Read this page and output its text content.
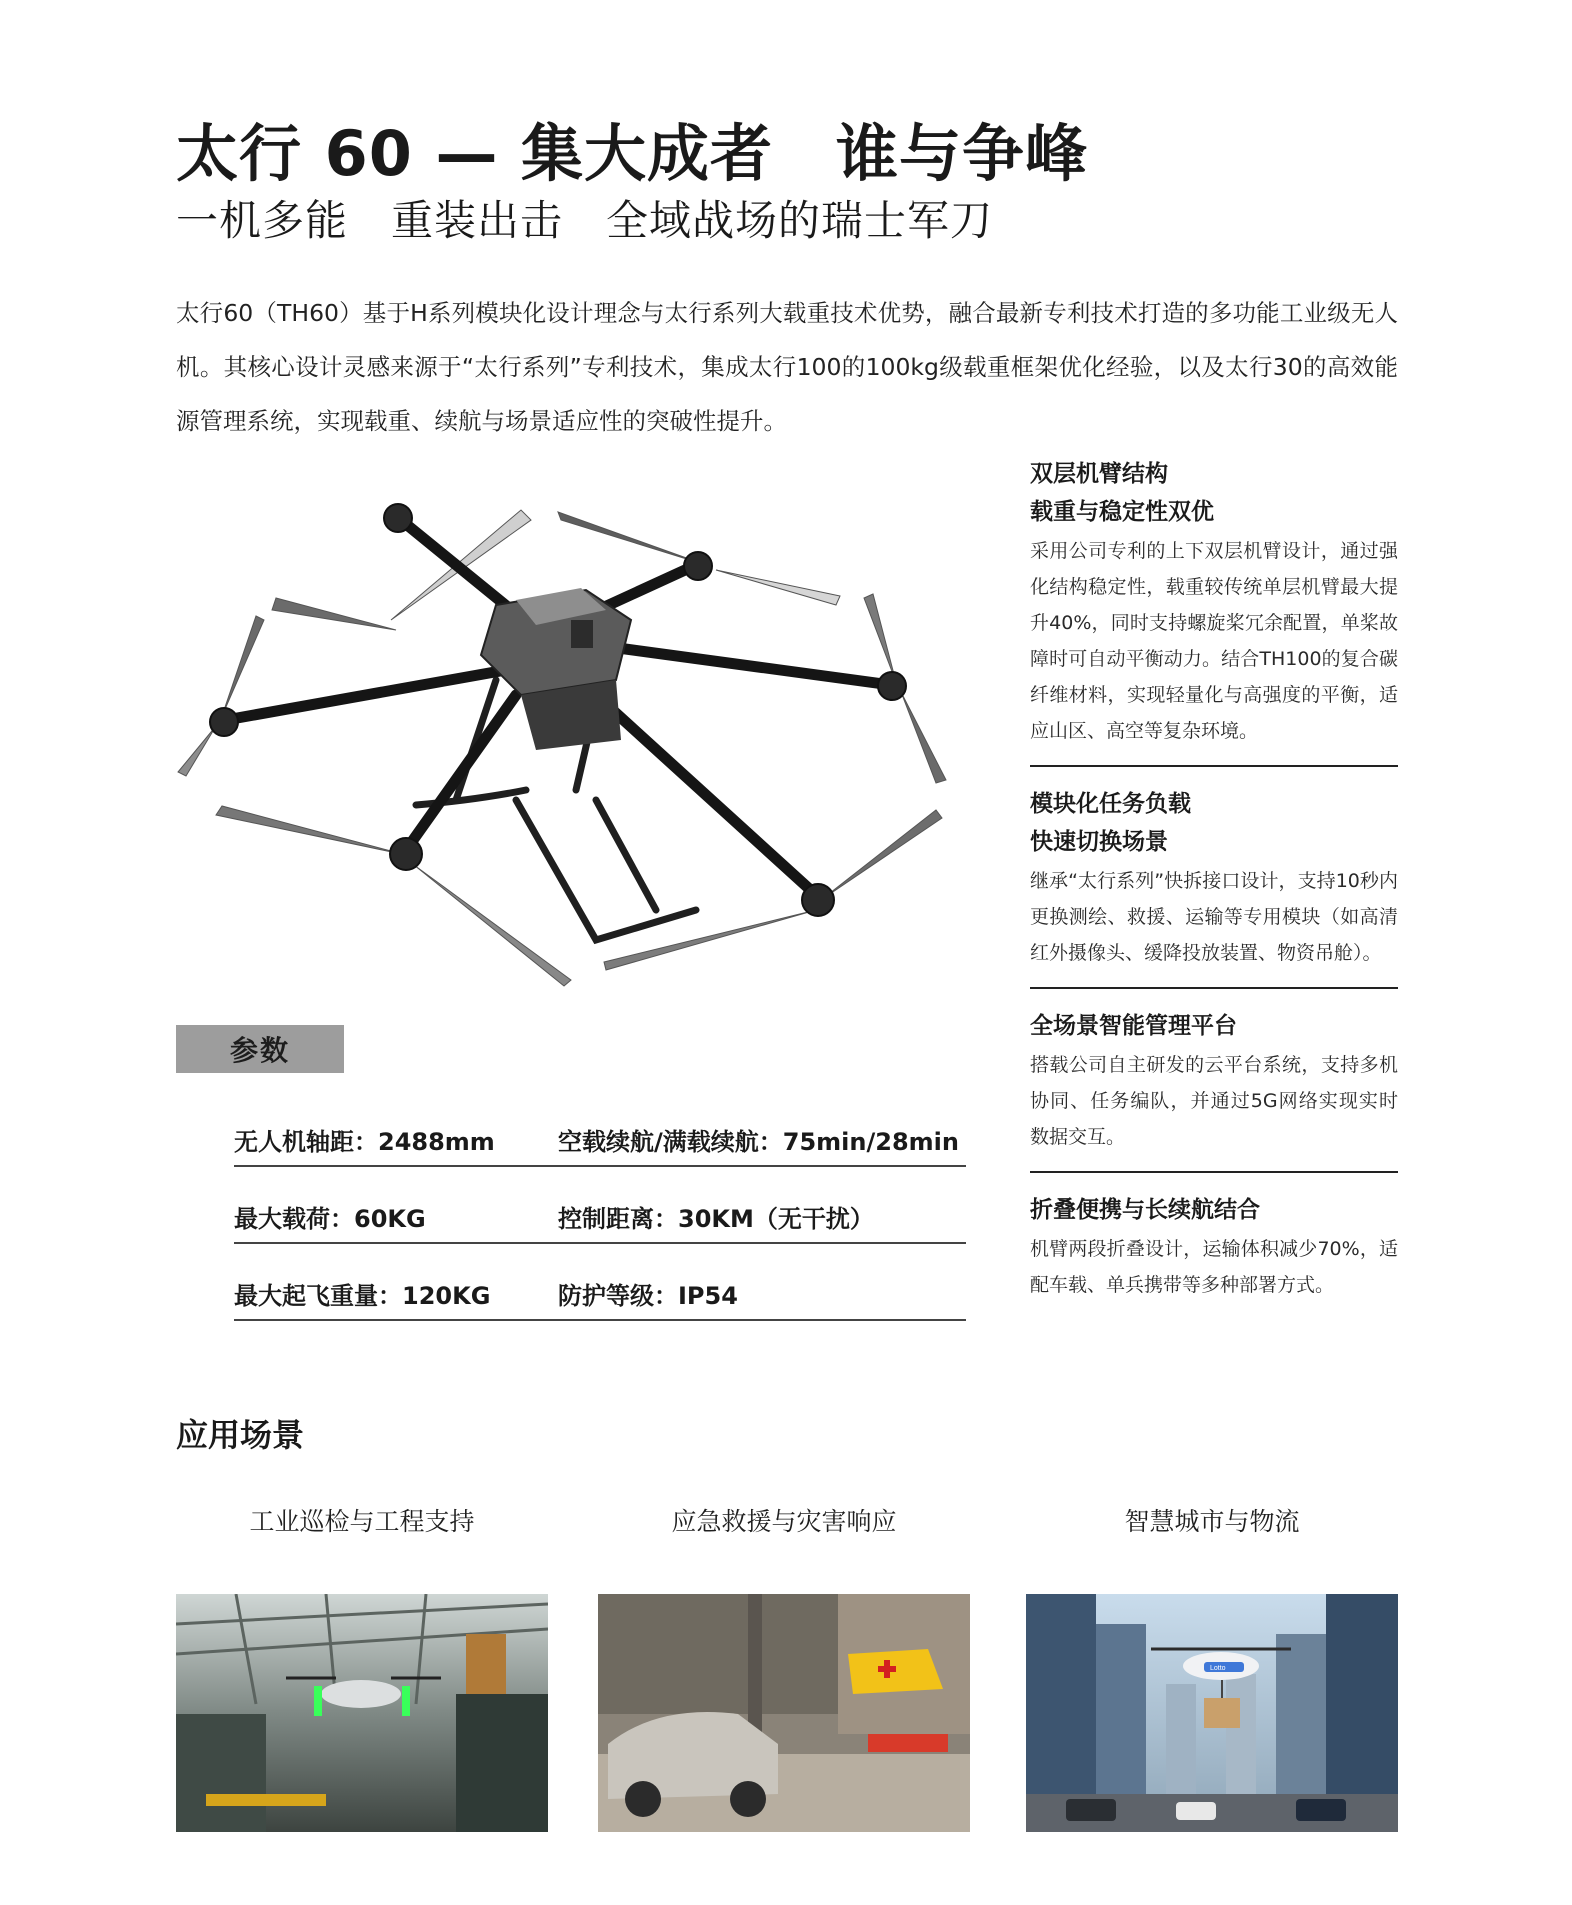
太行 60 — 集大成者　谁与争峰
一机多能　重装出击　全域战场的瑞士军刀
太行60（TH60）基于H系列模块化设计理念与太行系列大载重技术优势，融合最新专利技术打造的多功能工业级无人机。其核心设计灵感来源于“太行系列”专利技术，集成太行100的100kg级载重框架优化经验，以及太行30的高效能源管理系统，实现载重、续航与场景适应性的突破性提升。
CW
双层机臂结构
载重与稳定性双优

采用公司专利的上下双层机臂设计，通过强化结构稳定性，载重较传统单层机臂最大提升40%，同时支持螺旋桨冗余配置，单桨故障时可自动平衡动力。结合TH100的复合碳纤维材料，实现轻量化与高强度的平衡，适应山区、高空等复杂环境。

模块化任务负载
快速切换场景

继承“太行系列”快拆接口设计，支持10秒内更换测绘、救援、运输等专用模块（如高清红外摄像头、缓降投放装置、物资吊舱）。

全场景智能管理平台

搭载公司自主研发的云平台系统，支持多机协同、任务编队，并通过5G网络实现实时数据交互。

折叠便携与长续航结合

机臂两段折叠设计，运输体积减少70%，适配车载、单兵携带等多种部署方式。

参数
无人机轴距：2488mm	空载续航/满载续航：75min/28min
最大载荷：60KG	控制距离：30KM（无干扰）
最大起飞重量：120KG	防护等级：IP54
应用场景
工业巡检与工程支持	应急救援与灾害响应	智慧城市与物流
Lotto
